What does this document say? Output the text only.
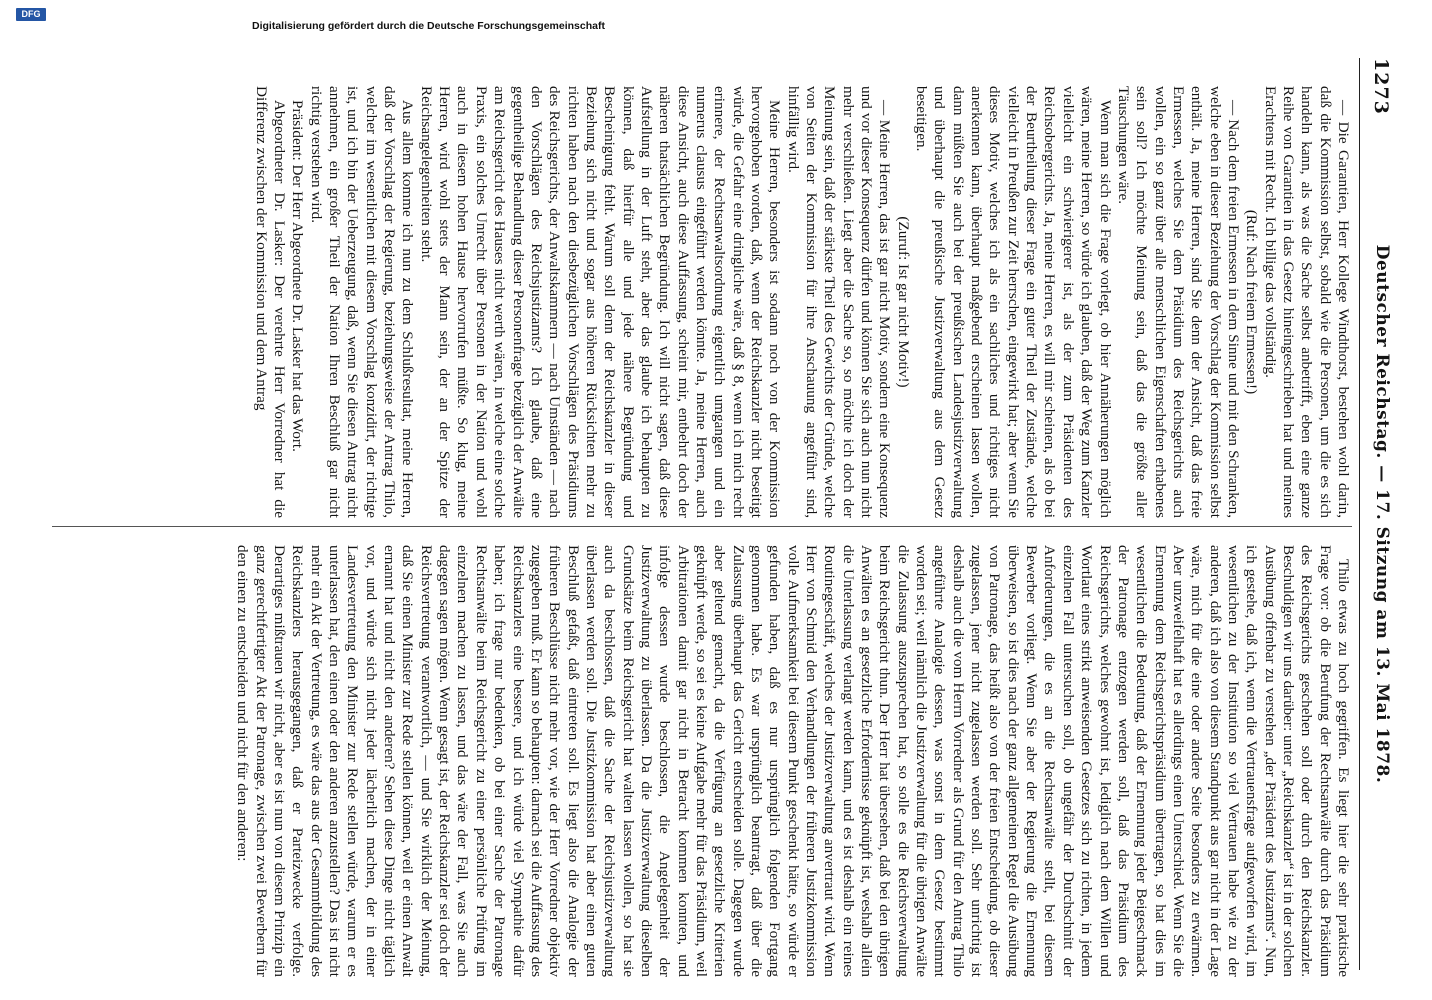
Deutscher Reichstag. — 17. Sitzung am 13. Mai 1878.
1273

Thilo etwas zu hoch gegriffen. Es liegt hier die sehr praktische Frage vor: ob die Berufung der Rechtsanwälte durch das Präsidium des Reichsgerichts geschehen soll oder durch den Reichskanzler. Beschuldigen wir uns darüber: unter „Reichskanzler“ ist in der solchen Ausübung offenbar zu verstehen „der Präsident des Justizamts“. Nun, ich gestehe, daß ich, wenn die Vertrauensfrage aufgeworfen wird, im wesentlichen zu der Institution so viel Vertrauen habe wie zu der anderen, daß ich also von diesem Standpunkt aus gar nicht in der Lage wäre, mich für die eine oder andere Seite besonders zu erwärmen. Aber unzweifelhaft hat es allerdings einen Unterschied. Wenn Sie die Ernennung dem Reichsgerichtspräsidium übertragen, so hat dies im wesentlichen die Bedeutung, daß der Ernennung jeder Beigeschmack der Patronage entzogen werden soll, daß das Präsidium des Reichsgerichts, welches gewohnt ist, lediglich nach dem Willen und Wortlaut eines strikt anweisenden Gesetzes sich zu richten, in jedem einzelnen Fall untersuchen soll, ob ungefähr der Durchschnitt der Anforderungen, die es an die Rechtsanwälte stellt, bei diesem Bewerber vorliegt. Wenn Sie aber der Regierung die Ernennung überweisen, so ist dies nach der ganz allgemeinen Regel die Ausübung von Patronage, das heißt also von der freien Entscheidung, ob dieser zugelassen, jener nicht zugelassen werden soll. Sehr unrichtig ist deshalb auch die vom Herrn Vorredner als Grund für den Antrag Thilo angeführte Analogie dessen, was sonst in dem Gesetz bestimmt worden sei; weil nämlich die Justizverwaltung für die übrigen Anwälte die Zulassung auszusprechen hat, so solle es die Reichsverwaltung beim Reichsgericht thun. Der Herr hat übersehen, daß bei den übrigen Anwälten es an gesetzliche Erfordernisse geknüpft ist, weshalb allein die Unterlassung verlangt werden kann, und es ist deshalb ein reines Routinegeschäft, welches der Justizverwaltung anvertraut wird. Wenn Herr von Schmid den Verhandlungen der früheren Justizkommission volle Aufmerksamkeit bei diesem Punkt geschenkt hätte, so würde er gefunden haben, daß es nur ursprünglich folgenden Fortgang genommen habe. Es war ursprünglich beantragt, daß über die Zulassung überhaupt das Gericht entscheiden solle. Dagegen wurde aber geltend gemacht, da die Verfügung an gesetzliche Kriterien geknüpft werde, so sei es keine Aufgabe mehr für das Präsidium, weil Arbitrationen damit gar nicht in Betracht kommen konnten, und infolge dessen wurde beschlossen, die Angelegenheit der Justizverwaltung zu überlassen. Da die Justizverwaltung dieselben Grundsätze beim Reichsgericht hat walten lassen wollen, so hat sie auch da beschlossen, daß die Sache der Reichsjustizverwaltung überlassen werden soll. Die Justizkommission hat aber einen guten Beschluß gefaßt, daß eintreten soll. Es liegt also die Analogie der früheren Beschlüsse nicht mehr vor, wie der Herr Vorredner objektiv zugegeben muß. Er kann so behaupten: darnach sei die Auffassung des Reichskanzlers eine bessere, und ich würde viel Sympathie dafür haben; ich frage nur bedenken, ob bei einer Sache der Patronage Rechtsanwälte beim Reichsgericht zu einer persönliche Prüfung im einzelnen machen zu lassen, und das wäre der Fall, was Sie auch dagegen sagen mögen. Wenn gesagt ist, der Reichskanzler sei doch der Reichsvertretung verantwortlich, — und Sie wirklich der Meinung, daß Sie einen Minister zur Rede stellen können, weil er einen Anwalt ernannt hat und nicht den anderen? Sehen diese Dinge nicht täglich vor, und würde sich nicht jeder lächerlich machen, der in einer Landesvertretung den Minister zur Rede stellen würde, warum er es unterlassen hat, den einen oder den anderen anzustellen? Das ist nicht mehr ein Akt der Vertretung, es wäre das aus der Gesammtbildung des Reichskanzlers herausgegangen, daß er Parteizwecke verfolge. Derartiges mißtrauen wir nicht, aber es ist nun von diesem Prinzip ein ganz gerechtfertigter Akt der Patronage, zwischen zwei Bewerbern für den einen zu entscheiden und nicht für den anderen:

— Die Garantien, Herr Kollege Windthorst, bestehen wohl darin, daß die Kommission selbst, sobald wie die Personen, um die es sich handeln kann, als was die Sache selbst anbetrifft, eben eine ganze Reihe von Garantien in das Gesetz hineingeschrieben hat und meines Erachtens mit Recht. Ich billige das vollständig.

(Ruf: Nach freiem Ermessen!)

— Nach dem freien Ermessen in dem Sinne und mit den Schranken, welche eben in dieser Beziehung der Vorschlag der Kommission selbst enthält. Ja, meine Herren, sind Sie denn der Ansicht, daß das freie Ermessen, welches Sie dem Präsidium des Reichsgerichts auch wollen, ein so ganz über alle menschlichen Eigenschaften erhabenes sein soll? Ich möchte Meinung sein, daß das die größte aller Täuschungen wäre.

Wenn man sich die Frage vorlegt, ob hier Annäherungen möglich wären, meine Herren, so würde ich glauben, daß der Weg zum Kanzler vielleicht ein schwierigerer ist, als der zum Präsidenten des Reichsobergerichts. Ja, meine Herren, es will mir scheinen, als ob bei der Beurtheilung dieser Frage ein guter Theil der Zustände, welche vielleicht in Preußen zur Zeit herrschen, eingewirkt hat; aber wenn Sie dieses Motiv, welches ich als ein sachliches und richtiges nicht anerkennen kann, überhaupt maßgebend erscheinen lassen wollen, dann müßten Sie auch bei der preußischen Landesjustizverwaltung und überhaupt die preußische Justizverwaltung aus dem Gesetz beseitigen.

(Zuruf: Ist gar nicht Motiv!)

— Meine Herren, das ist gar nicht Motiv, sondern eine Konsequenz und vor dieser Konsequenz dürfen und können Sie sich auch nun nicht mehr verschließen. Liegt aber die Sache so, so möchte ich doch der Meinung sein, daß der stärkste Theil des Gewichts der Gründe, welche von Seiten der Kommission für ihre Anschauung angeführt sind, hinfällig wird.

Meine Herren, besonders ist sodann noch von der Kommission hervorgehoben worden, daß, wenn der Reichskanzler nicht beseitigt würde, die Gefahr eine dringliche wäre, daß § 8, wenn ich mich recht erinnere, der Rechtsanwaltsordnung eigentlich umgangen und ein numerus clausus eingeführt werden könnte. Ja, meine Herren, auch diese Ansicht, auch diese Auffassung, scheint mir, entbehrt doch der näheren thatsächlichen Begründung. Ich will nicht sagen, daß diese Aufstellung in der Luft steht, aber das glaube ich behaupten zu können, daß hierfür alle und jede nähere Begründung und Bescheinigung fehlt. Warum soll denn der Reichskanzler in dieser Beziehung sich nicht und sogar aus höheren Rücksichten mehr zu richten haben nach den diesbezüglichen Vorschlägen des Präsidiums des Reichsgerichts, der Anwaltskammern — nach Umständen — nach den Vorschlägen des Reichsjustizamts? Ich glaube, daß eine gegentheilige Behandlung dieser Personenfrage bezüglich der Anwälte am Reichsgericht des Hauses nicht werth wären, in welche eine solche Praxis, ein solches Unrecht über Personen in der Nation und wohl auch in diesem hohen Hause hervorrufen müßte. So klug, meine Herren, wird wohl stets der Mann sein, der an der Spitze der Reichsangelegenheiten steht.

Aus allem komme ich nun zu dem Schlußresultat, meine Herren, daß der Vorschlag der Regierung, beziehungsweise der Antrag Thilo, welcher im wesentlichen mit diesem Vorschlag konzidirt, der richtige ist, und ich bin der Ueberzeugung, daß, wenn Sie diesen Antrag nicht annehmen, ein großer Theil der Nation Ihren Beschluß gar nicht richtig verstehen wird.

Präsident: Der Herr Abgeordnete Dr. Lasker hat das Wort.

Abgeordneter Dr. Lasker: Der verehrte Herr Vorredner hat die Differenz zwischen der Kommission und dem Antrag

Digitalisierung gefördert durch die Deutsche Forschungsgemeinschaft
DFG
